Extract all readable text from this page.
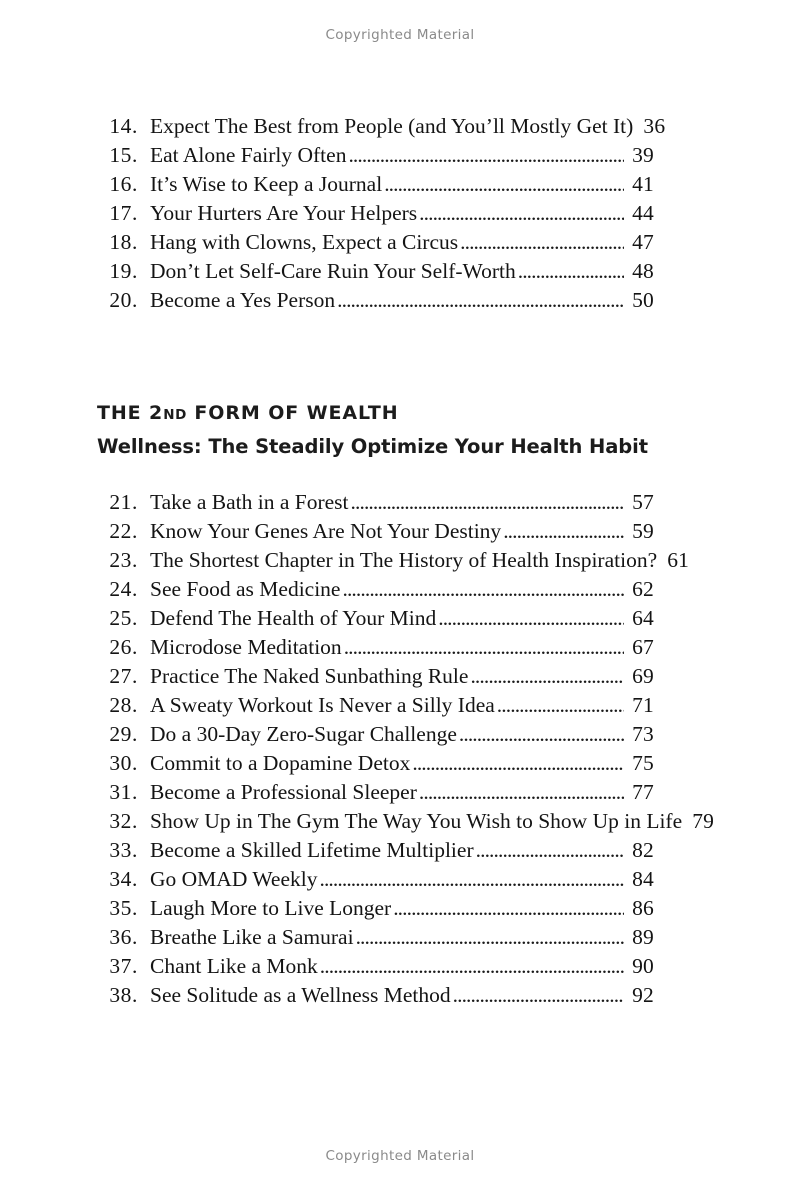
Copyrighted Material
14. Expect The Best from People (and You’ll Mostly Get It) 36
15. Eat Alone Fairly Often .....	39
16. It’s Wise to Keep a Journal .....	41
17. Your Hurters Are Your Helpers .....	44
18. Hang with Clowns, Expect a Circus .....	47
19. Don’t Let Self-Care Ruin Your Self-Worth .....	48
20. Become a Yes Person .....	50
THE 2ND FORM OF WEALTH
Wellness: The Steadily Optimize Your Health Habit
21. Take a Bath in a Forest .....	57
22. Know Your Genes Are Not Your Destiny .....	59
23. The Shortest Chapter in The History of Health Inspiration? 61
24. See Food as Medicine .....	62
25. Defend The Health of Your Mind .....	64
26. Microdose Meditation .....	67
27. Practice The Naked Sunbathing Rule .....	69
28. A Sweaty Workout Is Never a Silly Idea .....	71
29. Do a 30-Day Zero-Sugar Challenge .....	73
30. Commit to a Dopamine Detox .....	75
31. Become a Professional Sleeper .....	77
32. Show Up in The Gym The Way You Wish to Show Up in Life 79
33. Become a Skilled Lifetime Multiplier .....	82
34. Go OMAD Weekly .....	84
35. Laugh More to Live Longer .....	86
36. Breathe Like a Samurai .....	89
37. Chant Like a Monk .....	90
38. See Solitude as a Wellness Method .....	92
Copyrighted Material
